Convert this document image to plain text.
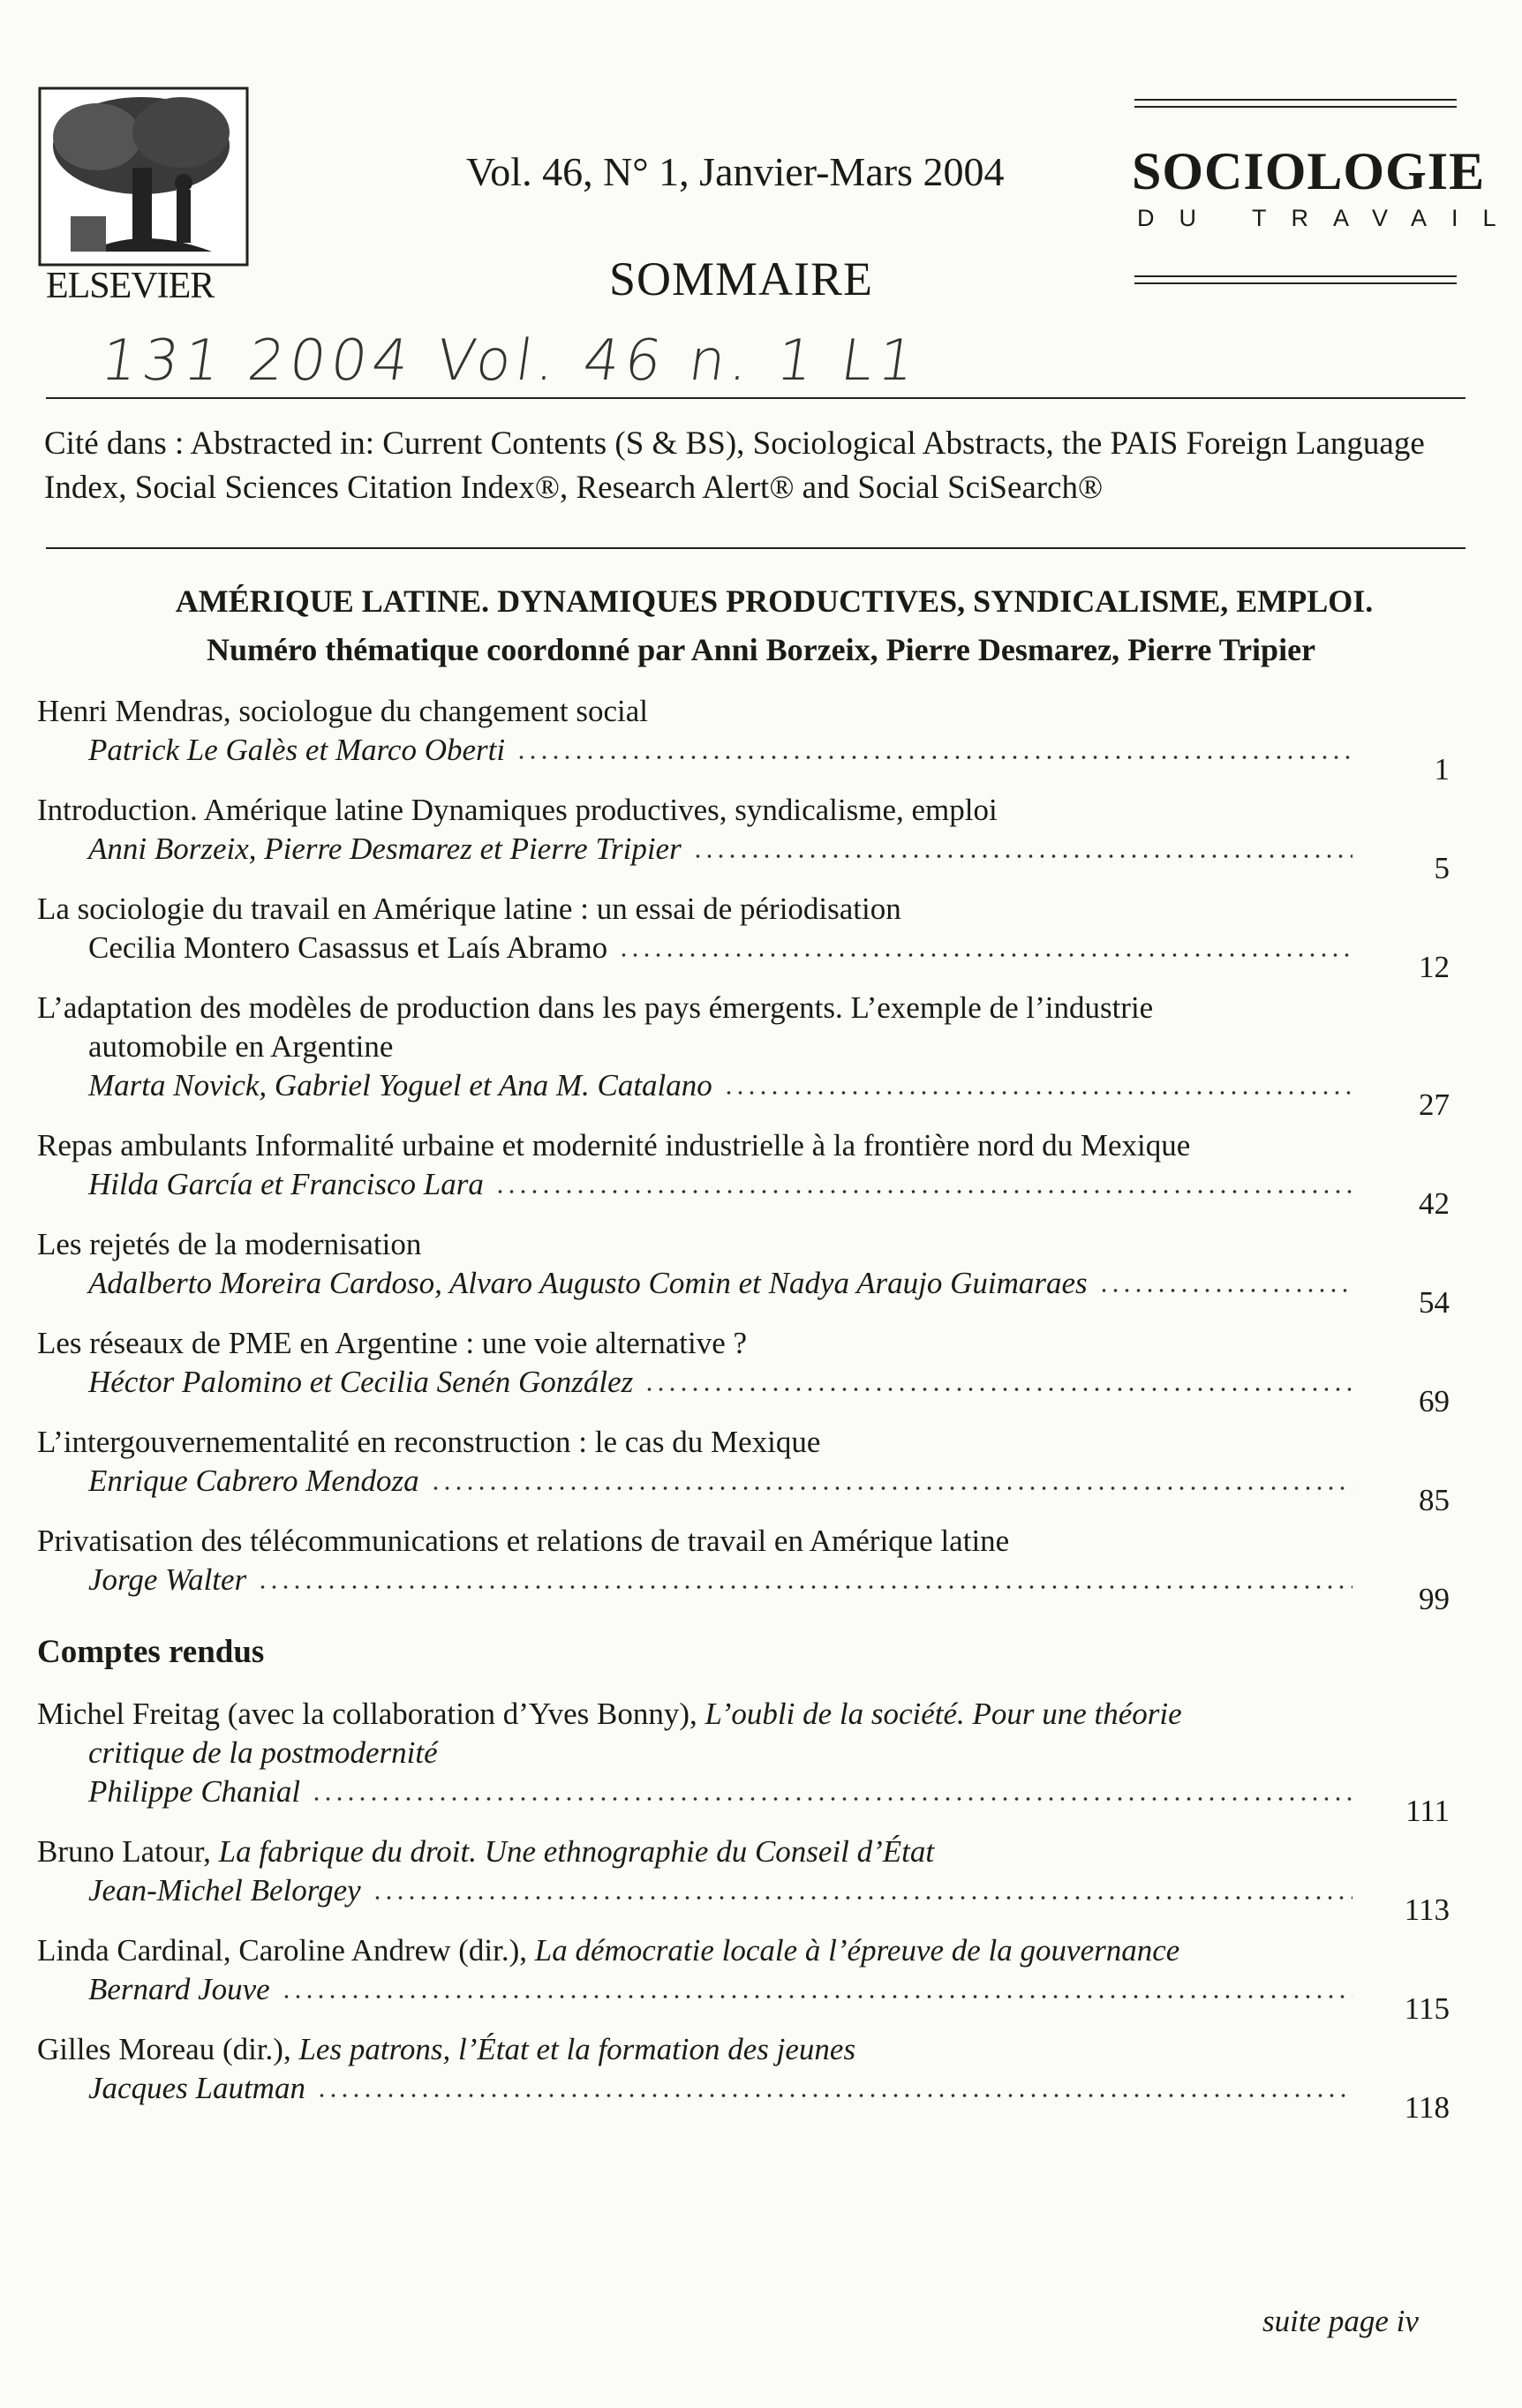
ELSEVIER
Vol. 46, N° 1, Janvier-Mars 2004
SOMMAIRE
SOCIOLOGIE
DU TRAVAIL
131 2004 Vol. 46 n. 1 L1
Cité dans : Abstracted in: Current Contents (S & BS), Sociological Abstracts, the PAIS Foreign Language Index, Social Sciences Citation Index®, Research Alert® and Social SciSearch®
AMÉRIQUE LATINE. DYNAMIQUES PRODUCTIVES, SYNDICALISME, EMPLOI.
Numéro thématique coordonné par Anni Borzeix, Pierre Desmarez, Pierre Tripier
Henri Mendras, sociologue du changement social
Patrick Le Galès et Marco Oberti
1
Introduction. Amérique latine Dynamiques productives, syndicalisme, emploi
Anni Borzeix, Pierre Desmarez et Pierre Tripier
5
La sociologie du travail en Amérique latine : un essai de périodisation
Cecilia Montero Casassus et Laís Abramo
12
L’adaptation des modèles de production dans les pays émergents. L’exemple de l’industrie
automobile en Argentine
Marta Novick, Gabriel Yoguel et Ana M. Catalano
27
Repas ambulants Informalité urbaine et modernité industrielle à la frontière nord du Mexique
Hilda García et Francisco Lara
42
Les rejetés de la modernisation
Adalberto Moreira Cardoso, Alvaro Augusto Comin et Nadya Araujo Guimaraes
54
Les réseaux de PME en Argentine : une voie alternative ?
Héctor Palomino et Cecilia Senén González
69
L’intergouvernementalité en reconstruction : le cas du Mexique
Enrique Cabrero Mendoza
85
Privatisation des télécommunications et relations de travail en Amérique latine
Jorge Walter
99
Comptes rendus
Michel Freitag (avec la collaboration d’Yves Bonny), L’oubli de la société. Pour une théorie
critique de la postmodernité
Philippe Chanial
111
Bruno Latour, La fabrique du droit. Une ethnographie du Conseil d’État
Jean-Michel Belorgey
113
Linda Cardinal, Caroline Andrew (dir.), La démocratie locale à l’épreuve de la gouvernance
Bernard Jouve
115
Gilles Moreau (dir.), Les patrons, l’État et la formation des jeunes
Jacques Lautman
118
suite page iv
